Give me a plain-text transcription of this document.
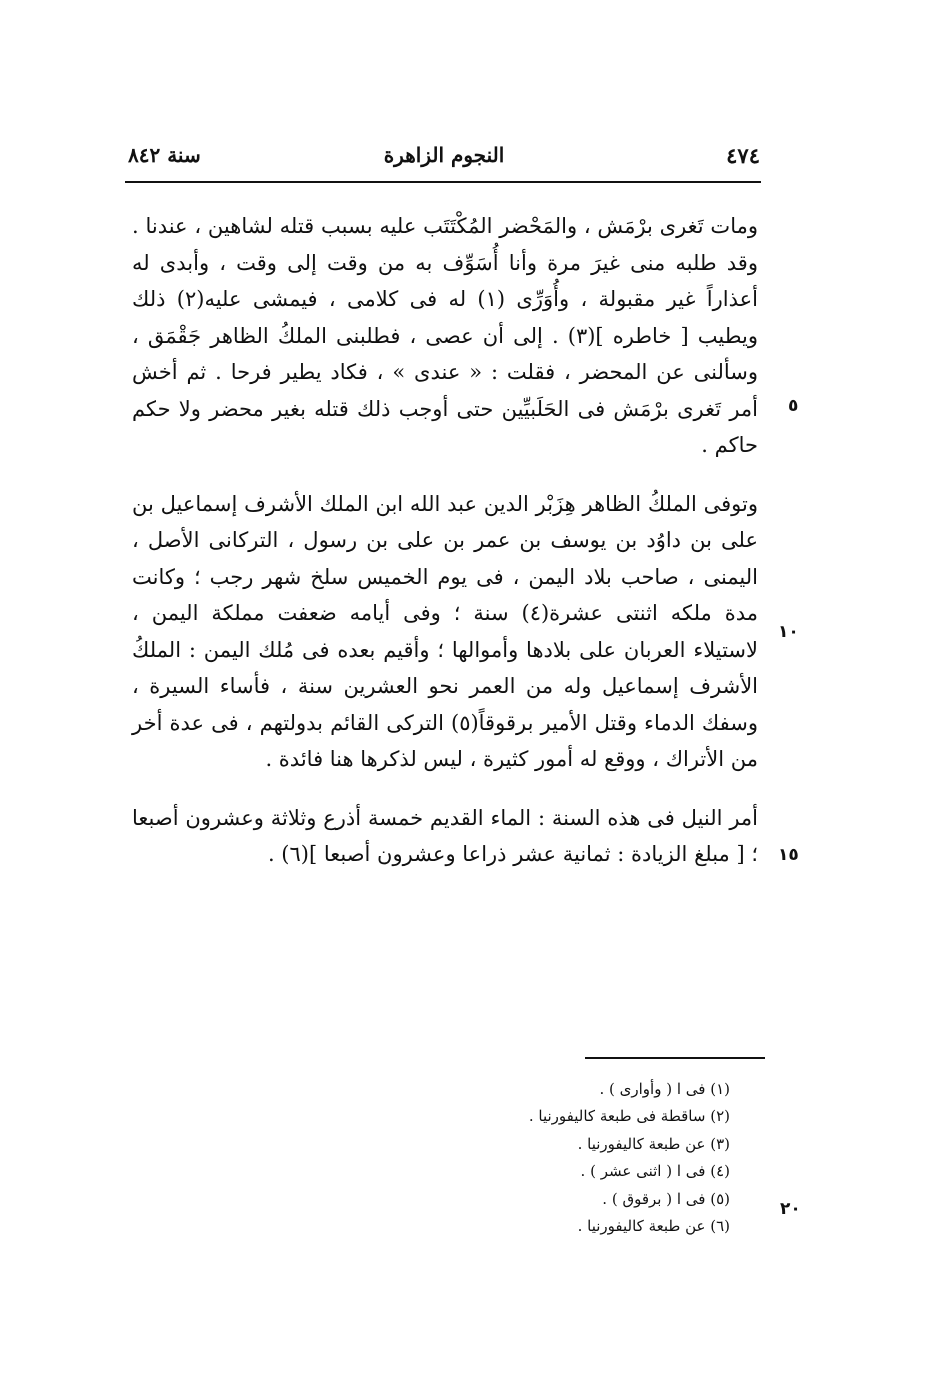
٤٧٤
النجوم الزاهرة
سنة ٨٤٢

ومات تَغرى برْمَش ، والمَحْضر المُكْتَتَب عليه بسبب قتله لشاهين ، عندنا . وقد طلبه منى غيرَ مرة وأنا أُسَوِّف به من وقت إلى وقت ، وأبدى له أعذاراً غير مقبولة ، وأُوَرِّى (١) له فى كلامى ، فيمشى عليه(٢) ذلك ويطيب [ خاطره ](٣) . إلى أن عصى ، فطلبنى الملكُ الظاهر جَقْمَق ، وسألنى عن المحضر ، فقلت : « عندى » ، فكاد يطير فرحا . ثم أخش أمر تَغرى برْمَش فى الحَلَبيِّين حتى أوجب ذلك قتله بغير محضر ولا حكم حاكم .

وتوفى الملكُ الظاهر هِزَبْر الدين عبد الله ابن الملك الأشرف إسماعيل بن على بن داوُد بن يوسف بن عمر بن على بن رسول ، التركانى الأصل ، اليمنى ، صاحب بلاد اليمن ، فى يوم الخميس سلخ شهر رجب ؛ وكانت مدة ملكه اثنتى عشرة(٤) سنة ؛ وفى أيامه ضعفت مملكة اليمن ، لاستيلاء العربان على بلادها وأموالها ؛ وأقيم بعده فى مُلك اليمن : الملكُ الأشرف إسماعيل وله من العمر نحو العشرين سنة ، فأساء السيرة ، وسفك الدماء وقتل الأمير برقوقاً(٥) التركى القائم بدولتهم ، فى عدة أخر من الأتراك ، ووقع له أمور كثيرة ، ليس لذكرها هنا فائدة .

أمر النيل فى هذه السنة : الماء القديم خمسة أذرع وثلاثة وعشرون أصبعا ؛ [ مبلغ الزيادة : ثمانية عشر ذراعا وعشرون أصبعا ](٦) .

٥
١٠
١٥
٢٠
(١) فى ا ( وأوارى ) .
(٢) ساقطة فى طبعة كاليفورنيا .
(٣) عن طبعة كاليفورنيا .
(٤) فى ا ( اثنى عشر ) .
(٥) فى ا ( برقوق ) .
(٦) عن طبعة كاليفورنيا .
